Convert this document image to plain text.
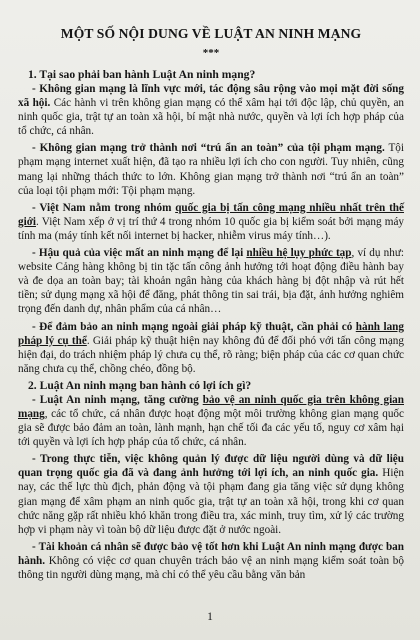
MỘT SỐ NỘI DUNG VỀ LUẬT AN NINH MẠNG
***
1. Tại sao phải ban hành Luật An ninh mạng?

- Không gian mạng là lĩnh vực mới, tác động sâu rộng vào mọi mặt đời sống xã hội. Các hành vi trên không gian mạng có thể xâm hại tới độc lập, chủ quyền, an ninh quốc gia, trật tự an toàn xã hội, bí mật nhà nước, quyền và lợi ích hợp pháp của tổ chức, cá nhân.

- Không gian mạng trở thành nơi “trú ẩn an toàn” của tội phạm mạng. Tội phạm mạng internet xuất hiện, đã tạo ra nhiều lợi ích cho con người. Tuy nhiên, cũng mang lại những thách thức to lớn. Không gian mạng trở thành nơi “trú ẩn an toàn” của loại tội phạm mới: Tội phạm mạng.

- Việt Nam nằm trong nhóm quốc gia bị tấn công mạng nhiều nhất trên thế giới. Việt Nam xếp ở vị trí thứ 4 trong nhóm 10 quốc gia bị kiểm soát bởi mạng máy tính ma (máy tính kết nối internet bị hacker, nhiễm virus máy tính…).

- Hậu quả của việc mất an ninh mạng để lại nhiều hệ lụy phức tạp, ví dụ như: website Cảng hàng không bị tin tặc tấn công ảnh hưởng tới hoạt động điều hành bay và đe dọa an toàn bay; tài khoản ngân hàng của khách hàng bị đột nhập và rút hết tiền; sử dụng mạng xã hội để đăng, phát thông tin sai trái, bịa đặt, ảnh hưởng nghiêm trọng đến danh dự, nhân phẩm của cá nhân…

- Để đảm bảo an ninh mạng ngoài giải pháp kỹ thuật, cần phải có hành lang pháp lý cụ thể. Giải pháp kỹ thuật hiện nay không đủ để đối phó với tấn công mạng hiện đại, do trách nhiệm pháp lý chưa cụ thể, rõ ràng; biện pháp của các cơ quan chức năng chưa cụ thể, chồng chéo, đồng bộ.

2. Luật An ninh mạng ban hành có lợi ích gì?

- Luật An ninh mạng, tăng cường bảo vệ an ninh quốc gia trên không gian mạng, các tổ chức, cá nhân được hoạt động một môi trường không gian mạng quốc gia sẽ được bảo đảm an toàn, lành mạnh, hạn chế tối đa các yếu tố, nguy cơ xâm hại tới quyền và lợi ích hợp pháp của tổ chức, cá nhân.

- Trong thực tiễn, việc không quản lý được dữ liệu người dùng và dữ liệu quan trọng quốc gia đã và đang ảnh hưởng tới lợi ích, an ninh quốc gia. Hiện nay, các thế lực thù địch, phản động và tội phạm đang gia tăng việc sử dụng không gian mạng để xâm phạm an ninh quốc gia, trật tự an toàn xã hội, trong khi cơ quan chức năng gặp rất nhiều khó khăn trong điều tra, xác minh, truy tìm, xử lý các trường hợp vi phạm này vì toàn bộ dữ liệu được đặt ở nước ngoài.

- Tài khoản cá nhân sẽ được bảo vệ tốt hơn khi Luật An ninh mạng được ban hành. Không có việc cơ quan chuyên trách bảo vệ an ninh mạng kiểm soát toàn bộ thông tin người dùng mạng, mà chỉ có thể yêu cầu bằng văn bản

1
